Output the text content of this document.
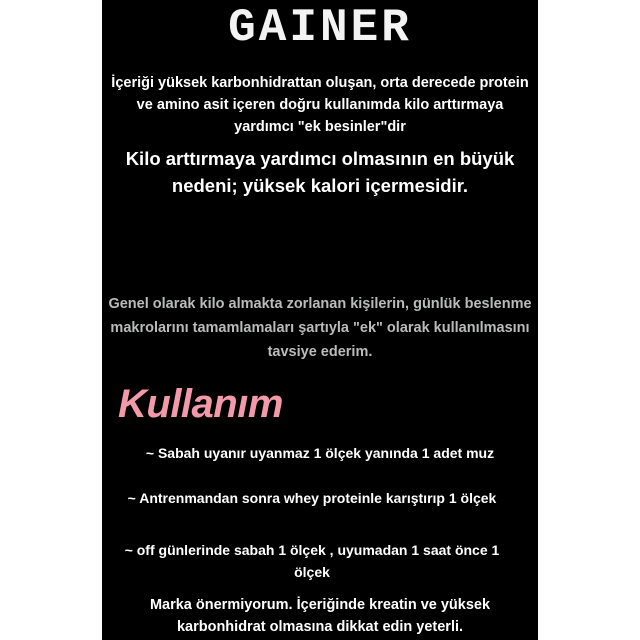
GAINER
İçeriği yüksek karbonhidrattan oluşan, orta derecede protein ve amino asit içeren doğru kullanımda kilo arttırmaya yardımcı "ek besinler"dir
Kilo arttırmaya yardımcı olmasının en büyük nedeni; yüksek kalori içermesidir.
Genel olarak kilo almakta zorlanan kişilerin, günlük beslenme makrolarını tamamlamaları şartıyla "ek" olarak kullanılmasını tavsiye ederim.
Kullanım
~ Sabah uyanır uyanmaz 1 ölçek yanında 1 adet muz
~ Antrenmandan sonra whey proteinle karıştırıp 1 ölçek
~ off günlerinde sabah 1 ölçek , uyumadan 1 saat önce 1 ölçek
Marka önermiyorum. İçeriğinde kreatin ve yüksek karbonhidrat olmasına dikkat edin yeterli.
